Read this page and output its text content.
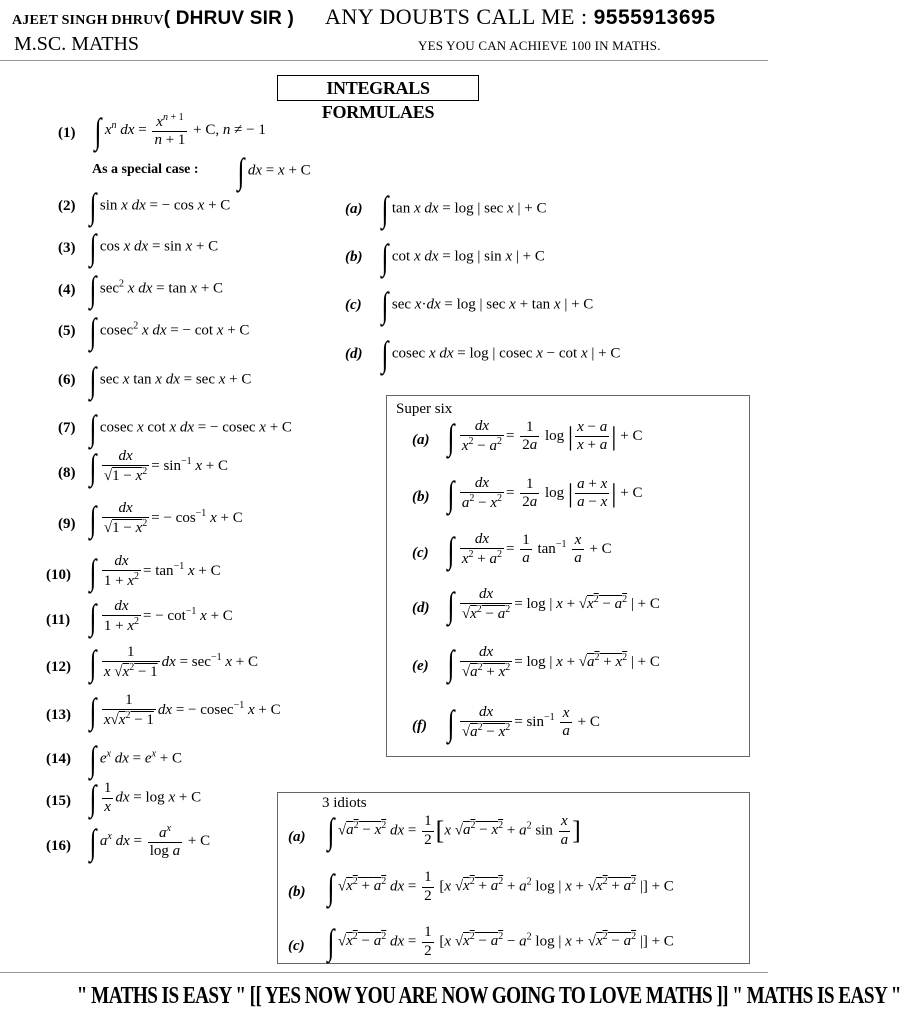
AJEET SINGH DHRUV( DHRUV SIR ) ANY DOUBTS CALL ME : 9555913695
M.SC. MATHS	YES YOU CAN ACHIEVE 100 IN MATHS.
INTEGRALS FORMULAES
(1) ∫ $x^n$ dx = $\frac{x^{n + 1}}{n + 1} + C$, n ≠ − 1
As a special case : ∫ dx = x + C
(2) ∫ sin x dx = − cos x + C
(3) ∫ cos x dx = sin x + C
(4) ∫ $\sec^2 x$ dx = tan x + C
(5) ∫ cosec$^2$ x dx = − cot x + C
(6) ∫ sec x tan x dx = sec x + C
(7) ∫ cosec x cot x dx = − cosec x + C
(8) ∫ $\frac{dx}{√1 - x^2} = \sin^{-1} x + C$
(9) ∫ $\frac{dx}{√1 - x^2}$ = − $\cos^{-1} x + C$
(10) ∫ $\frac{dx}{1 + x^2} = \tan^{-1} x + C$
(11) ∫ $\frac{dx}{1 + x^2}$ = − $\cot^{-1} x + C$
(12) ∫ $\frac{1}{x √x^2 - 1}$ dx = $\sec^{-1} x + C$
(13) ∫ $\frac{1}{x√x^2 - 1}$ dx = − cosec$^{-1}$ x + C
(14) ∫ $e^x$ dx = $e^x + C$
(15) ∫ $\frac{1}{x}$ dx = log x + C
(16) ∫ $a^x$ dx = $\frac{a^x}{\text{log a}} + C$
(a) ∫ tan x dx = log | sec x | + C
(b) ∫ cot x dx = log | sin x | + C
(c) ∫ sec x·dx = log | sec x + tan x | + C
(d) ∫ cosec x dx = log | cosec x − cot x | + C
Super six
(a) ∫ $\frac{dx}{x^2 - a^2} = \frac{1}{2a}$ log | $\frac{x - a}{x + a}$ | + C
(b) ∫ $\frac{dx}{a^2 - x^2} = \frac{1}{2a}$ log | $\frac{a + x}{a - x}$ | + C
(c) ∫ $\frac{dx}{x^2 + a^2} = \frac{1}{a} \tan^{-1} \frac{x}{a} + C$
(d) ∫ $\frac{dx}{√x^2 - a^2} = \log$ | $x + √x^2 - a^2$ | + C
(e) ∫ $\frac{dx}{√a^2 + x^2} = \log$ | $x + √a^2 + x^2$ | + C
(f) ∫ $\frac{dx}{√a^2 - x^2} = \sin^{-1} \frac{x}{a} + C$
3 idiots
(a) ∫ $√a^2 - x^2$ dx = $\frac{1}{2} [x$ $√a^2 - x^2 + a^2$ $\sin \frac{x}{a}$ ]
(b) ∫ $√x^2 + a^2$ dx = $\frac{1}{2} [x$ $√x^2 + a^2 + a^2$ log | $x + √x^2 + a^2$ |] + C
(c) ∫ $√x^2 - a^2$ dx = $\frac{1}{2} [x$ $√x^2 - a^2 - a^2$ log | $x + √x^2 - a^2$ |] + C
" MATHS IS EASY " [[ YES NOW YOU ARE NOW GOING TO LOVE MATHS ]] " MATHS IS EASY "
